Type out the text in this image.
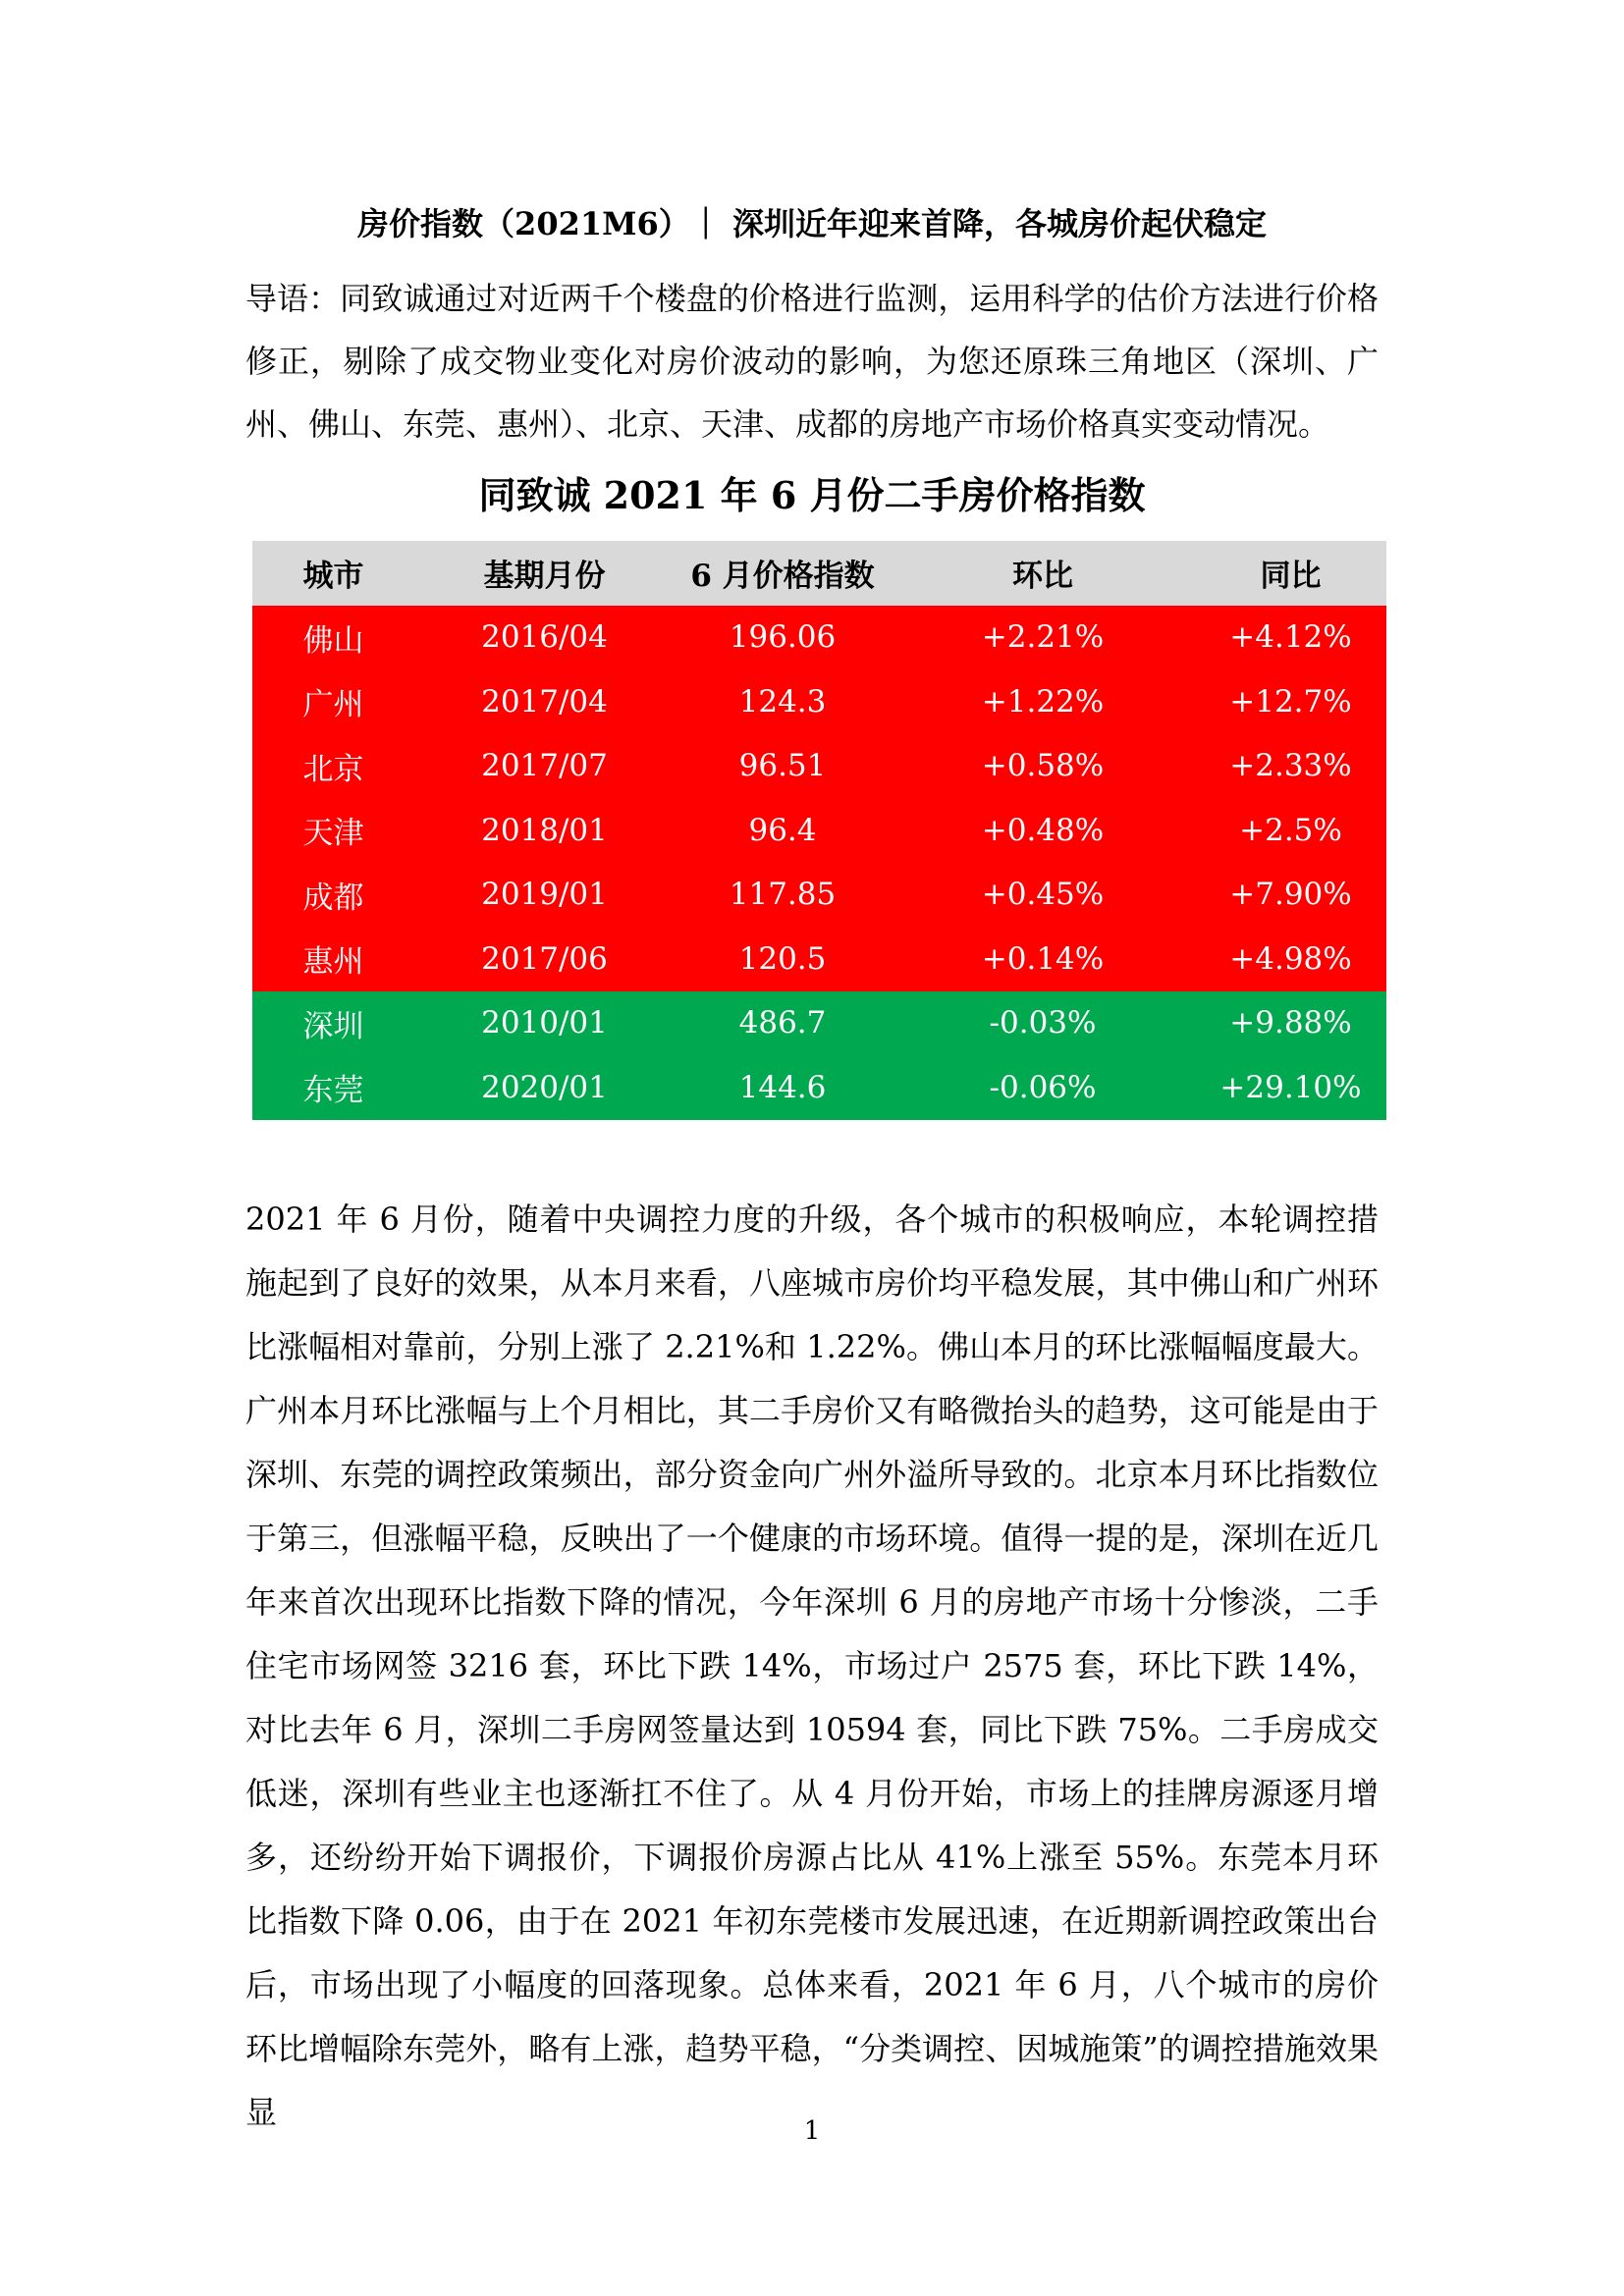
房价指数（2021M6）｜ 深圳近年迎来首降，各城房价起伏稳定
导语：同致诚通过对近两千个楼盘的价格进行监测，运用科学的估价方法进行价格修正，剔除了成交物业变化对房价波动的影响，为您还原珠三角地区（深圳、广州、佛山、东莞、惠州）、北京、天津、成都的房地产市场价格真实变动情况。
同致诚 2021 年 6 月份二手房价格指数
城市	基期月份	6 月价格指数	环比	同比
佛山	2016/04	196.06	+2.21%	+4.12%
广州	2017/04	124.3	+1.22%	+12.7%
北京	2017/07	96.51	+0.58%	+2.33%
天津	2018/01	96.4	+0.48%	+2.5%
成都	2019/01	117.85	+0.45%	+7.90%
惠州	2017/06	120.5	+0.14%	+4.98%
深圳	2010/01	486.7	-0.03%	+9.88%
东莞	2020/01	144.6	-0.06%	+29.10%

2021 年 6 月份，随着中央调控力度的升级，各个城市的积极响应，本轮调控措施起到了良好的效果，从本月来看，八座城市房价均平稳发展，其中佛山和广州环比涨幅相对靠前，分别上涨了 2.21%和 1.22%。佛山本月的环比涨幅幅度最大。广州本月环比涨幅与上个月相比，其二手房价又有略微抬头的趋势，这可能是由于深圳、东莞的调控政策频出，部分资金向广州外溢所导致的。北京本月环比指数位于第三，但涨幅平稳，反映出了一个健康的市场环境。值得一提的是，深圳在近几年来首次出现环比指数下降的情况，今年深圳 6 月的房地产市场十分惨淡，二手住宅市场网签 3216 套，环比下跌 14%，市场过户 2575 套，环比下跌 14%，对比去年 6 月，深圳二手房网签量达到 10594 套，同比下跌 75%。二手房成交低迷，深圳有些业主也逐渐扛不住了。从 4 月份开始，市场上的挂牌房源逐月增多，还纷纷开始下调报价，下调报价房源占比从 41%上涨至 55%。东莞本月环比指数下降 0.06，由于在 2021 年初东莞楼市发展迅速，在近期新调控政策出台后，市场出现了小幅度的回落现象。总体来看，2021 年 6 月，八个城市的房价环比增幅除东莞外，略有上涨，趋势平稳，“分类调控、因城施策”的调控措施效果显	1
